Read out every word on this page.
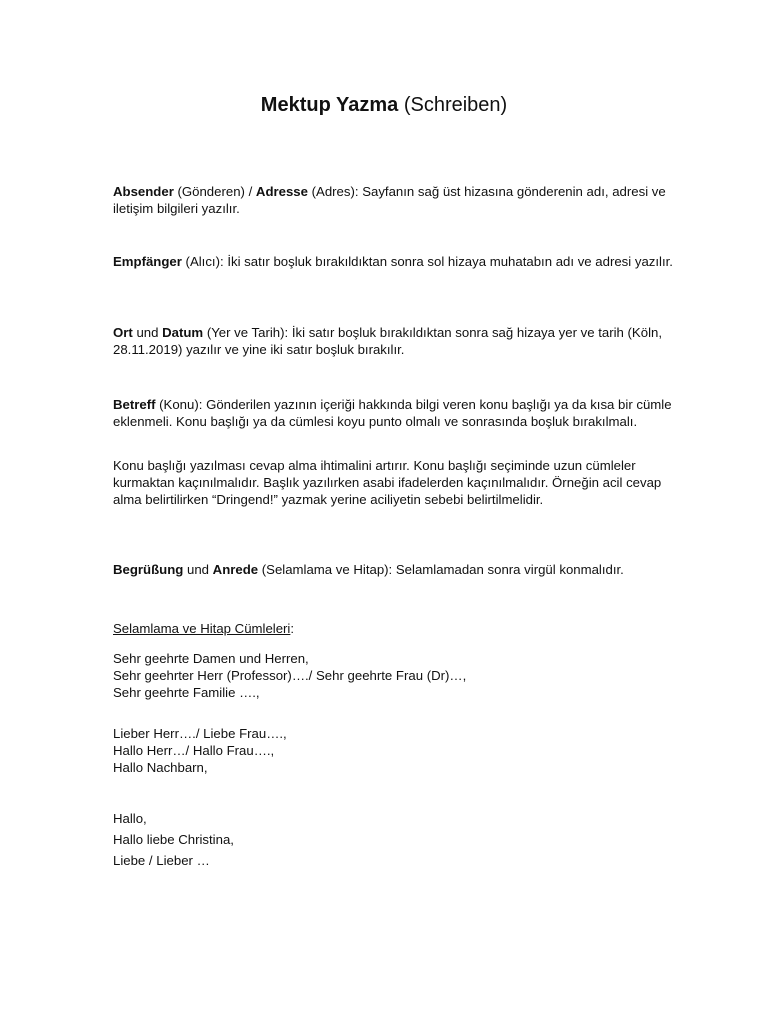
Mektup Yazma (Schreiben)
Absender (Gönderen) / Adresse (Adres): Sayfanın sağ üst hizasına gönderenin adı, adresi ve iletişim bilgileri yazılır.
Empfänger (Alıcı): İki satır boşluk bırakıldıktan sonra sol hizaya muhatabın adı ve adresi yazılır.
Ort und Datum (Yer ve Tarih): İki satır boşluk bırakıldıktan sonra sağ hizaya yer ve tarih (Köln, 28.11.2019) yazılır ve yine iki satır boşluk bırakılır.
Betreff (Konu): Gönderilen yazının içeriği hakkında bilgi veren konu başlığı ya da kısa bir cümle eklenmeli. Konu başlığı ya da cümlesi koyu punto olmalı ve sonrasında boşluk bırakılmalı.
Konu başlığı yazılması cevap alma ihtimalini artırır. Konu başlığı seçiminde uzun cümleler kurmaktan kaçınılmalıdır. Başlık yazılırken asabi ifadelerden kaçınılmalıdır. Örneğin acil cevap alma belirtilirken “Dringend!” yazmak yerine aciliyetin sebebi belirtilmelidir.
Begrüßung und Anrede (Selamlama ve Hitap): Selamlamadan sonra virgül konmalıdır.
Selamlama ve Hitap Cümleleri:
Sehr geehrte Damen und Herren,
Sehr geehrter Herr (Professor)…./ Sehr geehrte Frau (Dr)…,
Sehr geehrte Familie ….,
Lieber Herr…./ Liebe Frau….,
Hallo Herr…/ Hallo Frau….,
Hallo Nachbarn,
Hallo,
Hallo liebe Christina,
Liebe / Lieber …
